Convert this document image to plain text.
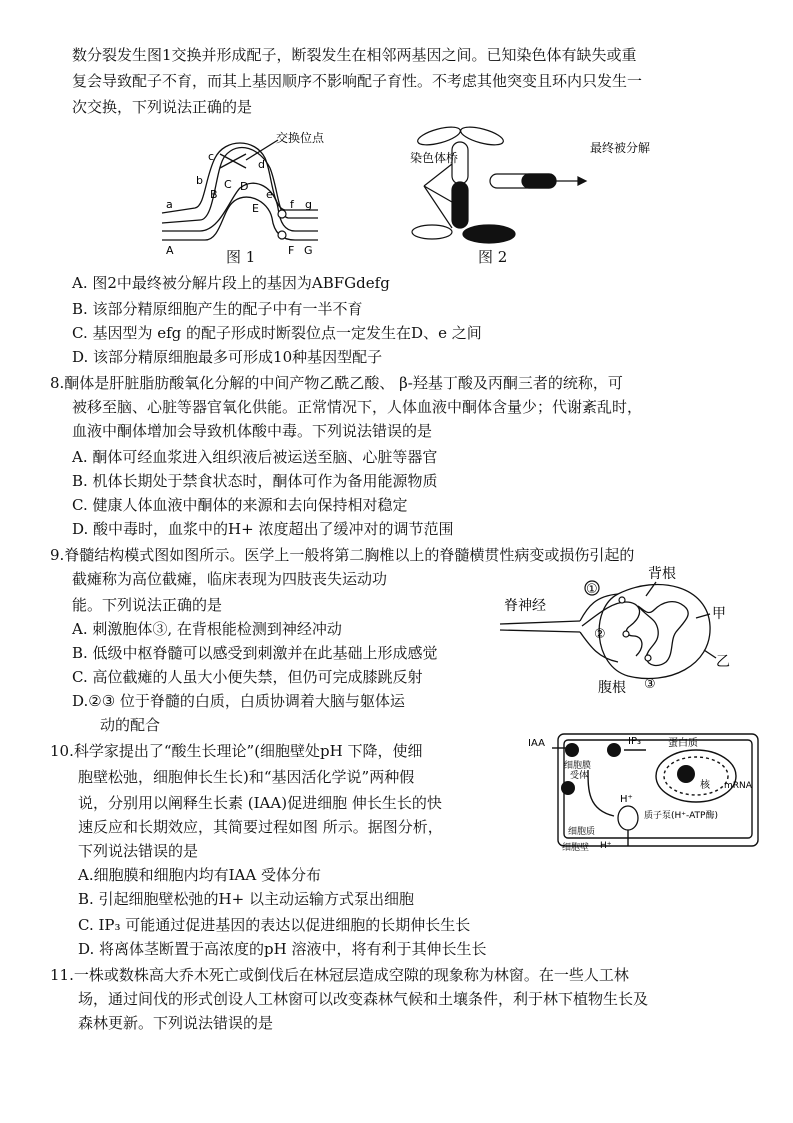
数分裂发生图1交换并形成配子，断裂发生在相邻两基因之间。已知染色体有缺失或重
复会导致配子不育，而其上基因顺序不影响配子育性。不考虑其他突变且环内只发生一
次交换，下列说法正确的是
交换位点
a
b
c
d
e
f g
A
B
C D
E
F G
图 1
染色体桥
最终被分解
图 2
A. 图2中最终被分解片段上的基因为ABFGdefg
B. 该部分精原细胞产生的配子中有一半不育
C. 基因型为 efg 的配子形成时断裂位点一定发生在D、e 之间
D. 该部分精原细胞最多可形成10种基因型配子
8.酮体是肝脏脂肪酸氧化分解的中间产物乙酰乙酸、 β-羟基丁酸及丙酮三者的统称，可
被移至脑、心脏等器官氧化供能。正常情况下，人体血液中酮体含量少；代谢紊乱时，
血液中酮体增加会导致机体酸中毒。下列说法错误的是
A. 酮体可经血浆进入组织液后被运送至脑、心脏等器官
B. 机体长期处于禁食状态时，酮体可作为备用能源物质
C. 健康人体血液中酮体的来源和去向保持相对稳定
D. 酸中毒时，血浆中的H+ 浓度超出了缓冲对的调节范围
9.脊髓结构模式图如图所示。医学上一般将第二胸椎以上的脊髓横贯性病变或损伤引起的
截瘫称为高位截瘫，临床表现为四肢丧失运动功
能。下列说法正确的是
A. 刺激胞体③, 在背根能检测到神经冲动
B. 低级中枢脊髓可以感受到刺激并在此基础上形成感觉
C. 高位截瘫的人虽大小便失禁，但仍可完成膝跳反射
D.②③ 位于脊髓的白质，白质协调着大脑与躯体运
动的配合
脊神经
背根
腹根
甲
乙
①
②
③
10.科学家提出了“酸生长理论”(细胞壁处pH 下降，使细
胞壁松弛，细胞伸长生长)和“基因活化学说”两种假
说，分别用以阐释生长素 (IAA)促进细胞 伸长生长的快
速反应和长期效应，其简要过程如图 所示。据图分析，
下列说法错误的是
A.细胞膜和细胞内均有IAA 受体分布
B. 引起细胞壁松弛的H+ 以主动运输方式泵出细胞
C. IP₃ 可能通过促进基因的表达以促进细胞的长期伸长生长
D. 将离体茎断置于高浓度的pH 溶液中，将有利于其伸长生长
IAA
细胞膜
受体
IP₃	蛋白质
核 mRNA
H⁺
质子泵(H⁺-ATP酶)
细胞质
细胞壁 H⁺
11.一株或数株高大乔木死亡或倒伐后在林冠层造成空隙的现象称为林窗。在一些人工林
场，通过间伐的形式创设人工林窗可以改变森林气候和土壤条件，利于林下植物生长及
森林更新。下列说法错误的是
